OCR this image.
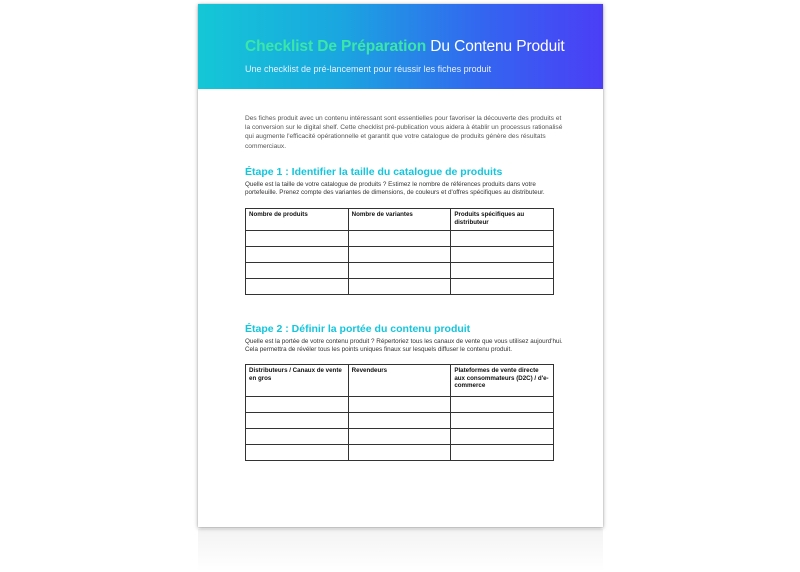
Checklist De Préparation Du Contenu Produit
Une checklist de pré-lancement pour réussir les fiches produit
Des fiches produit avec un contenu intéressant sont essentielles pour favoriser la découverte des produits et la conversion sur le digital shelf. Cette checklist pré-publication vous aidera à établir un processus rationalisé qui augmente l'efficacité opérationnelle et garantit que votre catalogue de produits génère des résultats commerciaux.
Étape 1 : Identifier la taille du catalogue de produits
Quelle est la taille de votre catalogue de produits ? Estimez le nombre de références produits dans votre portefeuille. Prenez compte des variantes de dimensions, de couleurs et d'offres spécifiques au distributeur.
Nombre de produits	Nombre de variantes	Produits spécifiques au distributeur

Étape 2 : Définir la portée du contenu produit
Quelle est la portée de votre contenu produit ? Répertoriez tous les canaux de vente que vous utilisez aujourd'hui. Cela permettra de révéler tous les points uniques finaux sur lesquels diffuser le contenu produit.
Distributeurs / Canaux de vente en gros	Revendeurs	Plateformes de vente directe aux consommateurs (D2C) / d'e-commerce
